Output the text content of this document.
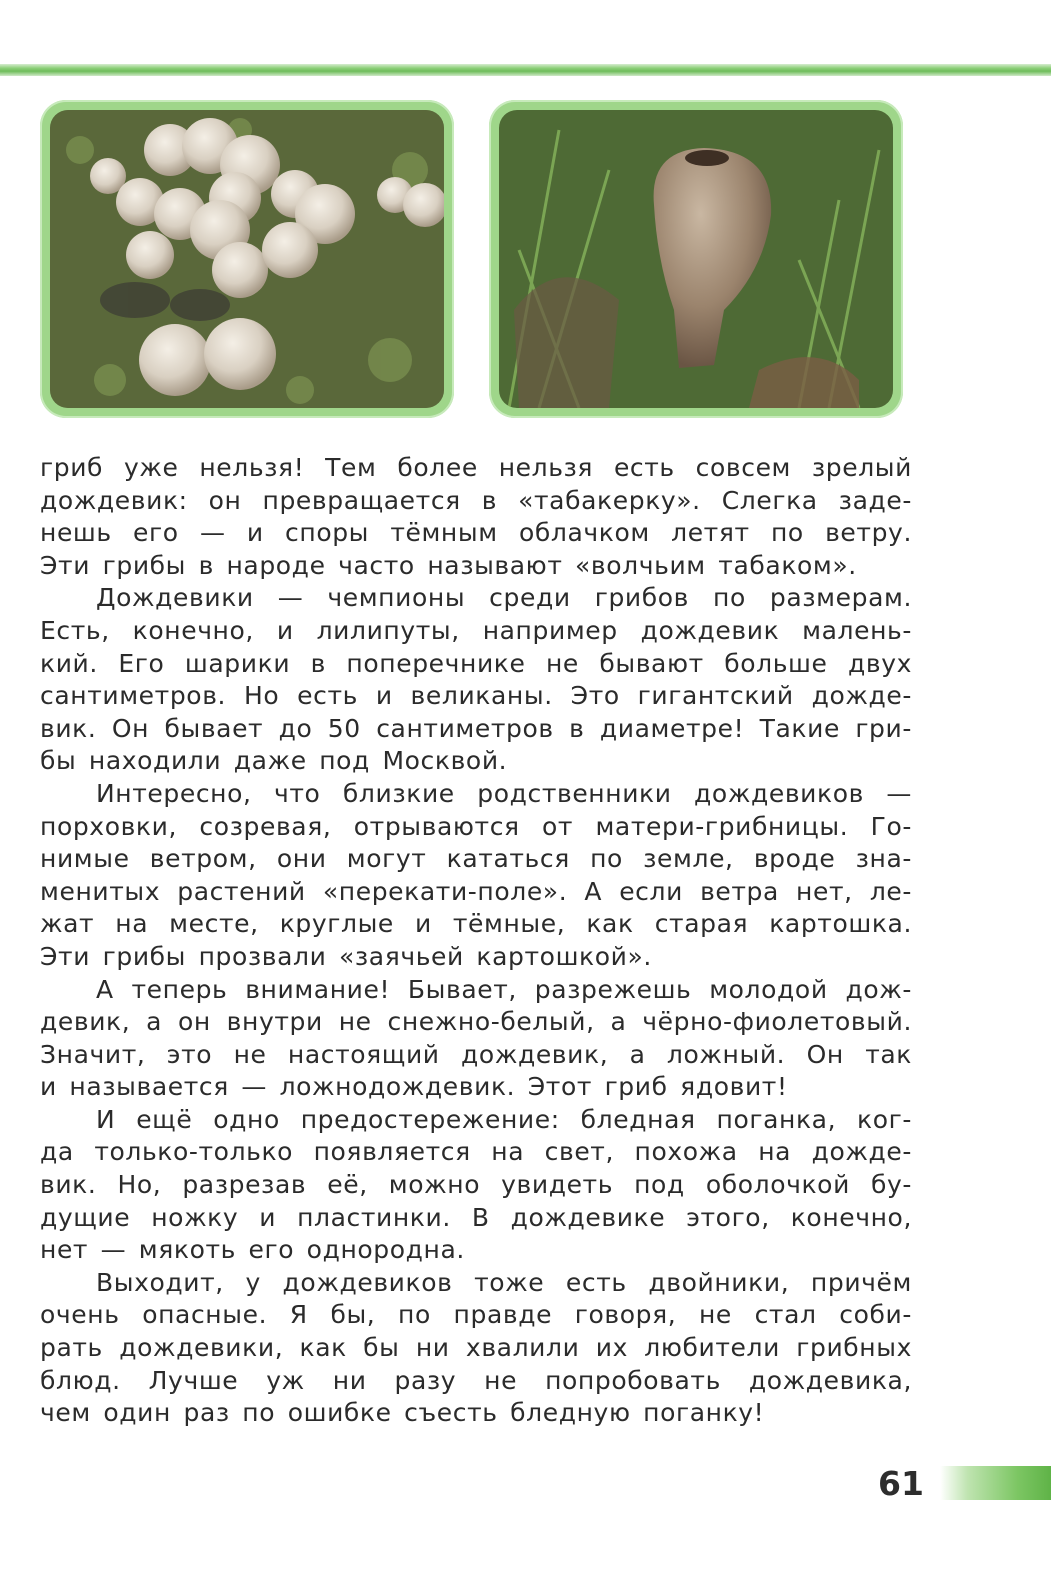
гриб уже нельзя! Тем более нельзя есть совсем зрелый
дождевик: он превращается в «табакерку». Слегка заде-
нешь его — и споры тёмным облачком летят по ветру.
Эти грибы в народе часто называют «волчьим табаком».
Дождевики — чемпионы среди грибов по размерам.
Есть, конечно, и лилипуты, например дождевик малень-
кий. Его шарики в поперечнике не бывают больше двух
сантиметров. Но есть и великаны. Это гигантский дожде-
вик. Он бывает до 50 сантиметров в диаметре! Такие гри-
бы находили даже под Москвой.
Интересно, что близкие родственники дождевиков —
порховки, созревая, отрываются от матери-грибницы. Го-
нимые ветром, они могут кататься по земле, вроде зна-
менитых растений «перекати-поле». А если ветра нет, ле-
жат на месте, круглые и тёмные, как старая картошка.
Эти грибы прозвали «заячьей картошкой».
А теперь внимание! Бывает, разрежешь молодой дож-
девик, а он внутри не снежно-белый, а чёрно-фиолетовый.
Значит, это не настоящий дождевик, а ложный. Он так
и называется — ложнодождевик. Этот гриб ядовит!
И ещё одно предостережение: бледная поганка, ког-
да только-только появляется на свет, похожа на дожде-
вик. Но, разрезав её, можно увидеть под оболочкой бу-
дущие ножку и пластинки. В дождевике этого, конечно,
нет — мякоть его однородна.
Выходит, у дождевиков тоже есть двойники, причём
очень опасные. Я бы, по правде говоря, не стал соби-
рать дождевики, как бы ни хвалили их любители грибных
блюд. Лучше уж ни разу не попробовать дождевика,
чем один раз по ошибке съесть бледную поганку!
61
